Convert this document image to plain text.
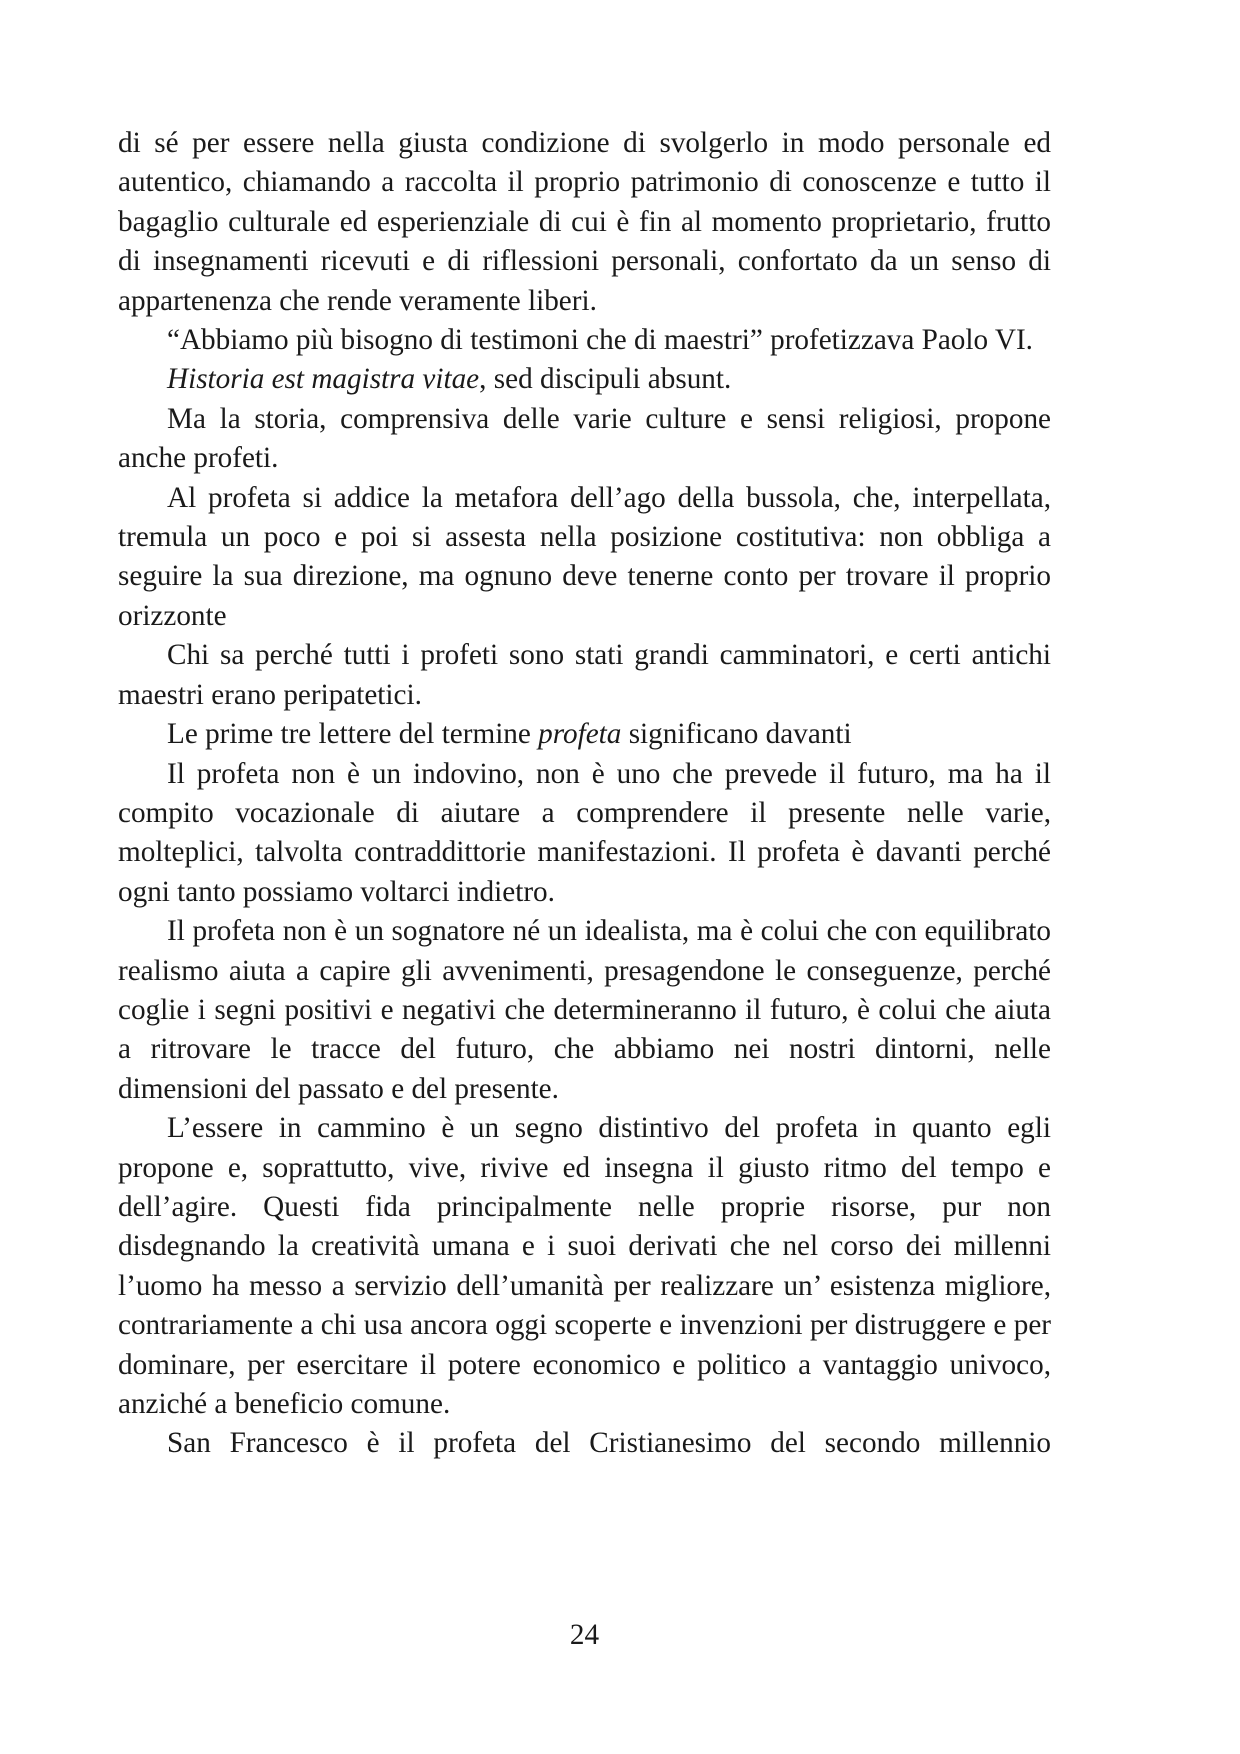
di sé per essere nella giusta condizione di svolgerlo in modo personale ed autentico, chiamando a raccolta il proprio patrimonio di conoscenze e tutto il bagaglio culturale ed esperienziale di cui è fin al momento proprietario, frutto di insegnamenti ricevuti e di riflessioni personali, confortato da un senso di appartenenza che rende veramente liberi.

“Abbiamo più bisogno di testimoni che di maestri” profetizzava Paolo VI.

Historia est magistra vitae, sed discipuli absunt.

Ma la storia, comprensiva delle varie culture e sensi religiosi, propone anche profeti.

Al profeta si addice la metafora dell’ago della bussola, che, interpellata, tremula un poco e poi si assesta nella posizione costitutiva: non obbliga a seguire la sua direzione, ma ognuno deve tenerne conto per trovare il proprio orizzonte

Chi sa perché tutti i profeti sono stati grandi camminatori, e certi antichi maestri erano peripatetici.

Le prime tre lettere del termine profeta significano davanti

Il profeta non è un indovino, non è uno che prevede il futuro, ma ha il compito vocazionale di aiutare a comprendere il presente nelle varie, molteplici, talvolta contraddittorie manifestazioni. Il profeta è davanti perché ogni tanto possiamo voltarci indietro.

Il profeta non è un sognatore né un idealista, ma è colui che con equilibrato realismo aiuta a capire gli avvenimenti, presagendone le conseguenze, perché coglie i segni positivi e negativi che determineranno il futuro, è colui che aiuta a ritrovare le tracce del futuro, che abbiamo nei nostri dintorni, nelle dimensioni del passato e del presente.

L’essere in cammino è un segno distintivo del profeta in quanto egli propone e, soprattutto, vive, rivive ed insegna il giusto ritmo del tempo e dell’agire. Questi fida principalmente nelle proprie risorse, pur non disdegnando la creatività umana e i suoi derivati che nel corso dei millenni l’uomo ha messo a servizio dell’umanità per realizzare un’ esistenza migliore, contrariamente a chi usa ancora oggi scoperte e invenzioni per distruggere e per dominare, per esercitare il potere economico e politico a vantaggio univoco, anziché a beneficio comune.

San Francesco è il profeta del Cristianesimo del secondo millennio

24
